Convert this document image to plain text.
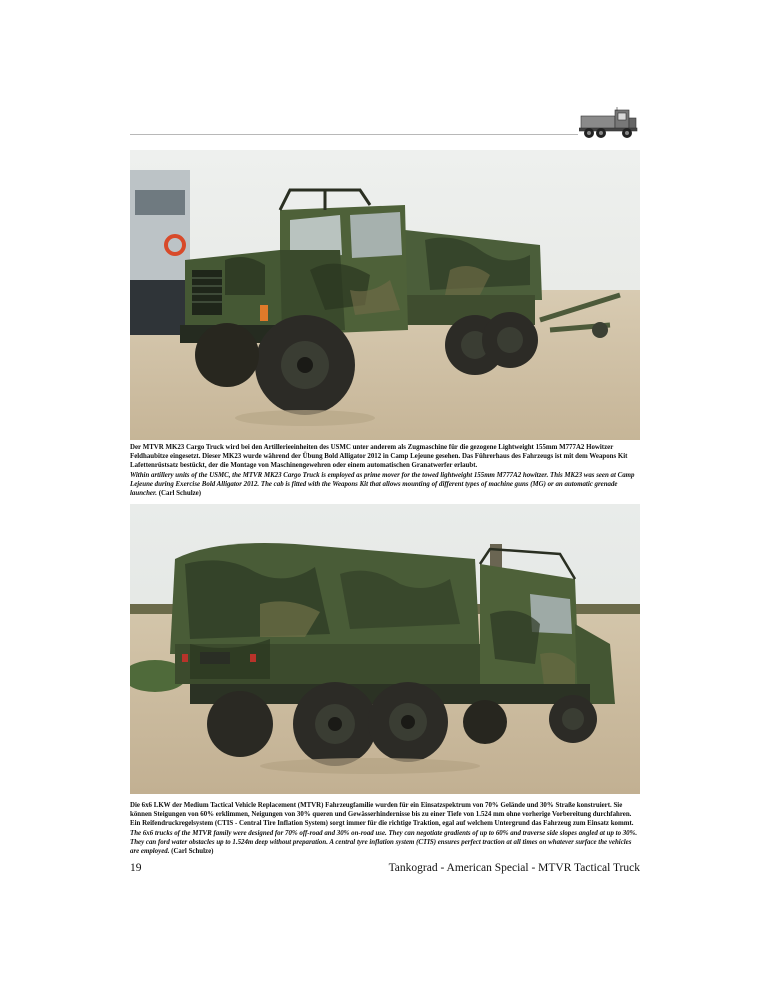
Der MTVR MK23 Cargo Truck wird bei den Artillerieeinheiten des USMC unter anderem als Zugmaschine für die gezogene Lightweight 155mm M777A2 Howitzer Feldhaubitze eingesetzt. Dieser MK23 wurde während der Übung Bold Alligator 2012 in Camp Lejeune gesehen. Das Führerhaus des Fahrzeugs ist mit dem Weapons Kit Lafettenrüstsatz bestückt, der die Montage von Maschinengewehren oder einem automatischen Granatwerfer erlaubt.
Within artillery units of the USMC, the MTVR MK23 Cargo Truck is employed as prime mover for the towed lightweight 155mm M777A2 howitzer. This MK23 was seen at Camp Lejeune during Exercise Bold Alligator 2012. The cab is fitted with the Weapons Kit that allows mounting of different types of machine guns (MG) or an automatic grenade launcher. (Carl Schulze)

Die 6x6 LKW der Medium Tactical Vehicle Replacement (MTVR) Fahrzeugfamilie wurden für ein Einsatzspektrum von 70% Gelände und 30% Straße konstruiert. Sie können Steigungen von 60% erklimmen, Neigungen von 30% queren und Gewässerhindernisse bis zu einer Tiefe von 1.524 mm ohne vorherige Vorbereitung durchfahren. Ein Reifendruckregelsystem (CTIS - Central Tire Inflation System) sorgt immer für die richtige Traktion, egal auf welchem Untergrund das Fahrzeug zum Einsatz kommt.
The 6x6 trucks of the MTVR family were designed for 70% off-road and 30% on-road use. They can negotiate gradients of up to 60% and traverse side slopes angled at up to 30%. They can ford water obstacles up to 1.524m deep without preparation. A central tyre inflation system (CTIS) ensures perfect traction at all times on whatever surface the vehicles are employed. (Carl Schulze)

19	Tankograd - American Special - MTVR Tactical Truck
